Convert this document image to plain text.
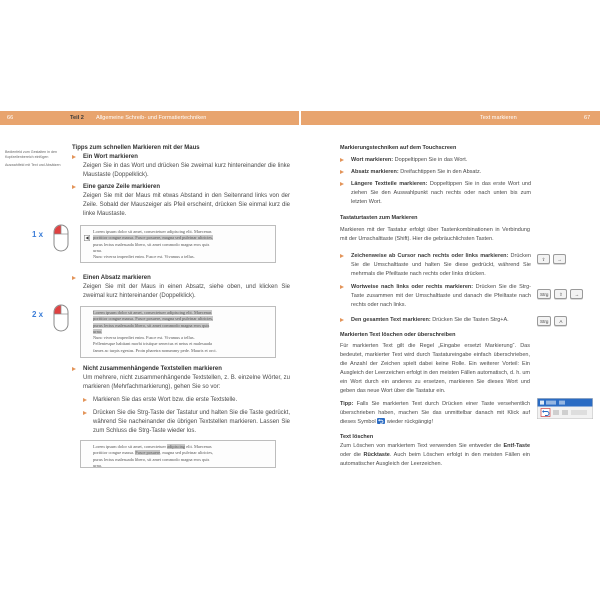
66	Teil 2 Allgemeine Schreib- und Formatiertechniken	Text markieren	67
Bedienfeld zum Gestalten in den
Kopfzeilenbereich einfügen
Auswahlfeld mit Text und Absätzen
Tipps zum schnellen Markieren mit der Maus
Ein Wort markieren
Zeigen Sie in das Wort und drücken Sie zweimal kurz hintereinander die linke Maustaste (Doppelklick).
Eine ganze Zeile markieren
Zeigen Sie mit der Maus mit etwas Abstand in den Seitenrand links von der Zeile. Sobald der Mauszeiger als Pfeil erscheint, drücken Sie einmal kurz die linke Maustaste.
1 x	Lorem ipsum dolor sit amet, consectetuer adipiscing elit. Maecenas
porttitor congue massa. Fusce posuere, magna sed pulvinar ultricies,
purus lectus malesuada libero, sit amet commodo magna eros quis
urna.
Nunc viverra imperdiet enim. Fusce est. Vivamus a tellus.
Einen Absatz markieren
Zeigen Sie mit der Maus in einen Absatz, siehe oben, und klicken Sie zweimal kurz hintereinander (Doppelklick).
2 x	Lorem ipsum dolor sit amet, consectetuer adipiscing elit. Maecenas
porttitor congue massa. Fusce posuere, magna sed pulvinar ultricies,
purus lectus malesuada libero, sit amet commodo magna eros quis
urna.
Nunc viverra imperdiet enim. Fusce est. Vivamus a tellus.
Pellentesque habitant morbi tristique senectus et netus et malesuada
fames ac turpis egestas. Proin pharetra nonummy pede. Mauris et orci.
Nicht zusammenhängende Textstellen markieren
Um mehrere, nicht zusammenhängende Textstellen, z. B. einzelne Wörter, zu markieren (Mehrfachmarkierung), gehen Sie so vor:
Markieren Sie das erste Wort bzw. die erste Textstelle.
Drücken Sie die Strg-Taste der Tastatur und halten Sie die Taste gedrückt, während Sie nacheinander die übrigen Textstellen markieren. Lassen Sie zum Schluss die Strg-Taste wieder los.
Lorem ipsum dolor sit amet, consectetuer adipiscing elit. Maecenas
porttitor congue massa. Fusce posuere, magna sed pulvinar ultricies,
purus lectus malesuada libero, sit amet commodo magna eros quis
urna.
Markierungstechniken auf dem Touchscreen
Wort markieren: Doppeltippen Sie in das Wort.
Absatz markieren: Dreifachtippen Sie in den Absatz.
Längere Textteile markieren: Doppeltippen Sie in das erste Wort und ziehen Sie den Auswahlpunkt nach rechts oder nach unten bis zum letzten Wort.
Tastaturtasten zum Markieren
Markieren mit der Tastatur erfolgt über Tastenkombinationen in Verbindung mit der Umschalttaste (Shift). Hier die gebräuchlichsten Tasten.
Zeichenweise ab Cursor nach rechts oder links markieren: Drücken Sie die Umschalttaste und halten Sie diese gedrückt, während Sie mehrmals die Pfeiltaste nach rechts oder links drücken.
⇧	→
Wortweise nach links oder rechts markieren: Drücken Sie die Strg-Taste zusammen mit der Umschalttaste und danach die Pfeiltaste nach rechts oder nach links.
Strg	⇧	→
Den gesamten Text markieren: Drücken Sie die Tasten Strg+A.	Strg	A
Markierten Text löschen oder überschreiben
Für markierten Text gilt die Regel „Eingabe ersetzt Markierung“. Das bedeutet, markierter Text wird durch Tastatureingabe einfach überschrieben, die Anzahl der Zeichen spielt dabei keine Rolle. Ein weiterer Vorteil: Ein Ausgleich der Leerzeichen erfolgt in den meisten Fällen automatisch, d. h. um ein Wort durch ein anderes zu ersetzen, markieren Sie dieses Wort und geben das neue Wort über die Tastatur ein.
Tipp: Falls Sie markierten Text durch Drücken einer Taste versehentlich überschrieben haben, machen Sie das unmittelbar danach mit Klick auf dieses Symbol  wieder rückgängig!
Text löschen
Zum Löschen von markiertem Text verwenden Sie entweder die Entf-Taste oder die Rücktaste. Auch beim Löschen erfolgt in den meisten Fällen ein automatischer Ausgleich der Leerzeichen.
